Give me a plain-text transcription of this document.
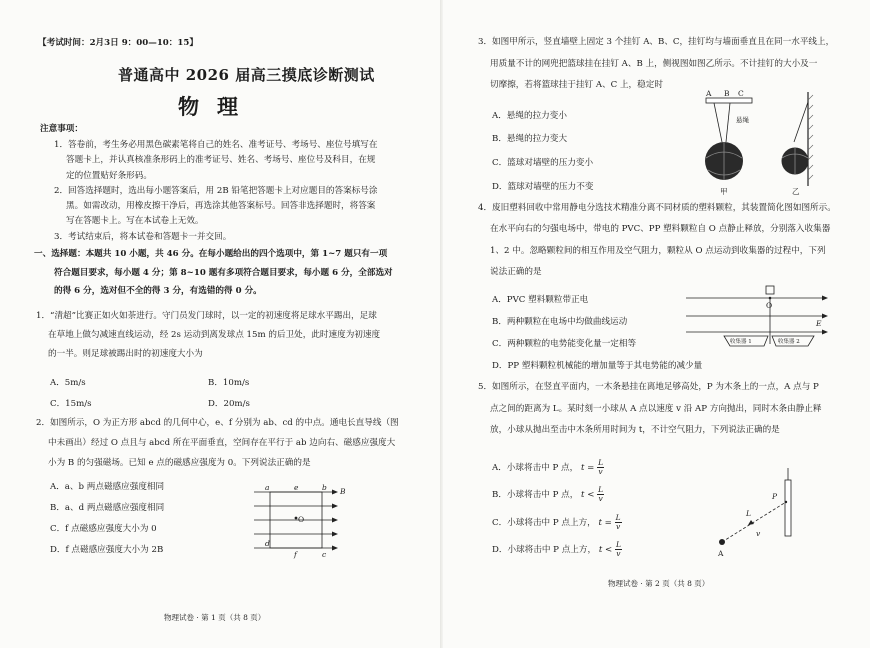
【考试时间：2月3日 9：00—10：15】
普通高中 2026 届高三摸底诊断测试
物理
注意事项：
1．答卷前，考生务必用黑色碳素笔将自己的姓名、准考证号、考场号、座位号填写在
答题卡上，并认真核准条形码上的准考证号、姓名、考场号、座位号及科目，在规
定的位置贴好条形码。
2．回答选择题时，选出每小题答案后，用 2B 铅笔把答题卡上对应题目的答案标号涂
黑。如需改动，用橡皮擦干净后，再选涂其他答案标号。回答非选择题时，将答案
写在答题卡上。写在本试卷上无效。
3．考试结束后，将本试卷和答题卡一并交回。
一、选择题：本题共 10 小题，共 46 分。在每小题给出的四个选项中，第 1~7 题只有一项
符合题目要求，每小题 4 分；第 8~10 题有多项符合题目要求，每小题 6 分，全部选对
的得 6 分，选对但不全的得 3 分，有选错的得 0 分。
1．“清超”比赛正如火如荼进行。守门员发门球时，以一定的初速度将足球水平踢出，足球
在草地上做匀减速直线运动，经 2s 运动到离发球点 15m 的后卫处，此时速度为初速度
的一半。则足球被踢出时的初速度大小为
A．5m/s	B．10m/s
C．15m/s	D．20m/s
2．如图所示，O 为正方形 abcd 的几何中心，e、f 分别为 ab、cd 的中点。通电长直导线（图
中未画出）经过 O 点且与 abcd 所在平面垂直，空间存在平行于 ab 边向右、磁感应强度大
小为 B 的匀强磁场。已知 e 点的磁感应强度为 0。下列说法正确的是
A．a、b 两点磁感应强度相同
B．a、d 两点磁感应强度相同
C．f 点磁感应强度大小为 0
D．f 点磁感应强度大小为 2B
a	e	b B
O
d
f	c
物理试卷 · 第 1 页（共 8 页）
3．如图甲所示，竖直墙壁上固定 3 个挂钉 A、B、C，挂钉均与墙面垂直且在同一水平线上，
用质量不计的网兜把篮球挂在挂钉 A、B 上，侧视图如图乙所示。不计挂钉的大小及一
切摩擦，若将篮球挂于挂钉 A、C 上，稳定时
A．悬绳的拉力变小
B．悬绳的拉力变大
C．篮球对墙壁的压力变小
D．篮球对墙壁的压力不变
A B C
悬绳
甲	乙
4．废旧塑料回收中常用静电分选技术精准分离不同材质的塑料颗粒，其装置简化图如图所示。
在水平向右的匀强电场中，带电的 PVC、PP 塑料颗粒自 O 点静止释放，分别落入收集器
1、2 中。忽略颗粒间的相互作用及空气阻力，颗粒从 O 点运动到收集器的过程中，下列
说法正确的是
A．PVC 塑料颗粒带正电
B．两种颗粒在电场中均做曲线运动
C．两种颗粒的电势能变化量一定相等
D．PP 塑料颗粒机械能的增加量等于其电势能的减少量
O
E
收集器 1	收集器 2
5．如图所示，在竖直平面内，一木条悬挂在离地足够高处，P 为木条上的一点，A 点与 P
点之间的距离为 L。某时刻一小球从 A 点以速度 v 沿 AP 方向抛出，同时木条由静止释
放，小球从抛出至击中木条所用时间为 t，不计空气阻力，下列说法正确的是
A．小球将击中 P 点， $t = \frac{L}{v}$
B．小球将击中 P 点， $t < \frac{L}{v}$
C．小球将击中 P 点上方， $t = \frac{L}{v}$
D．小球将击中 P 点上方， $t < \frac{L}{v}$
P
L
v
A
物理试卷 · 第 2 页（共 8 页）
